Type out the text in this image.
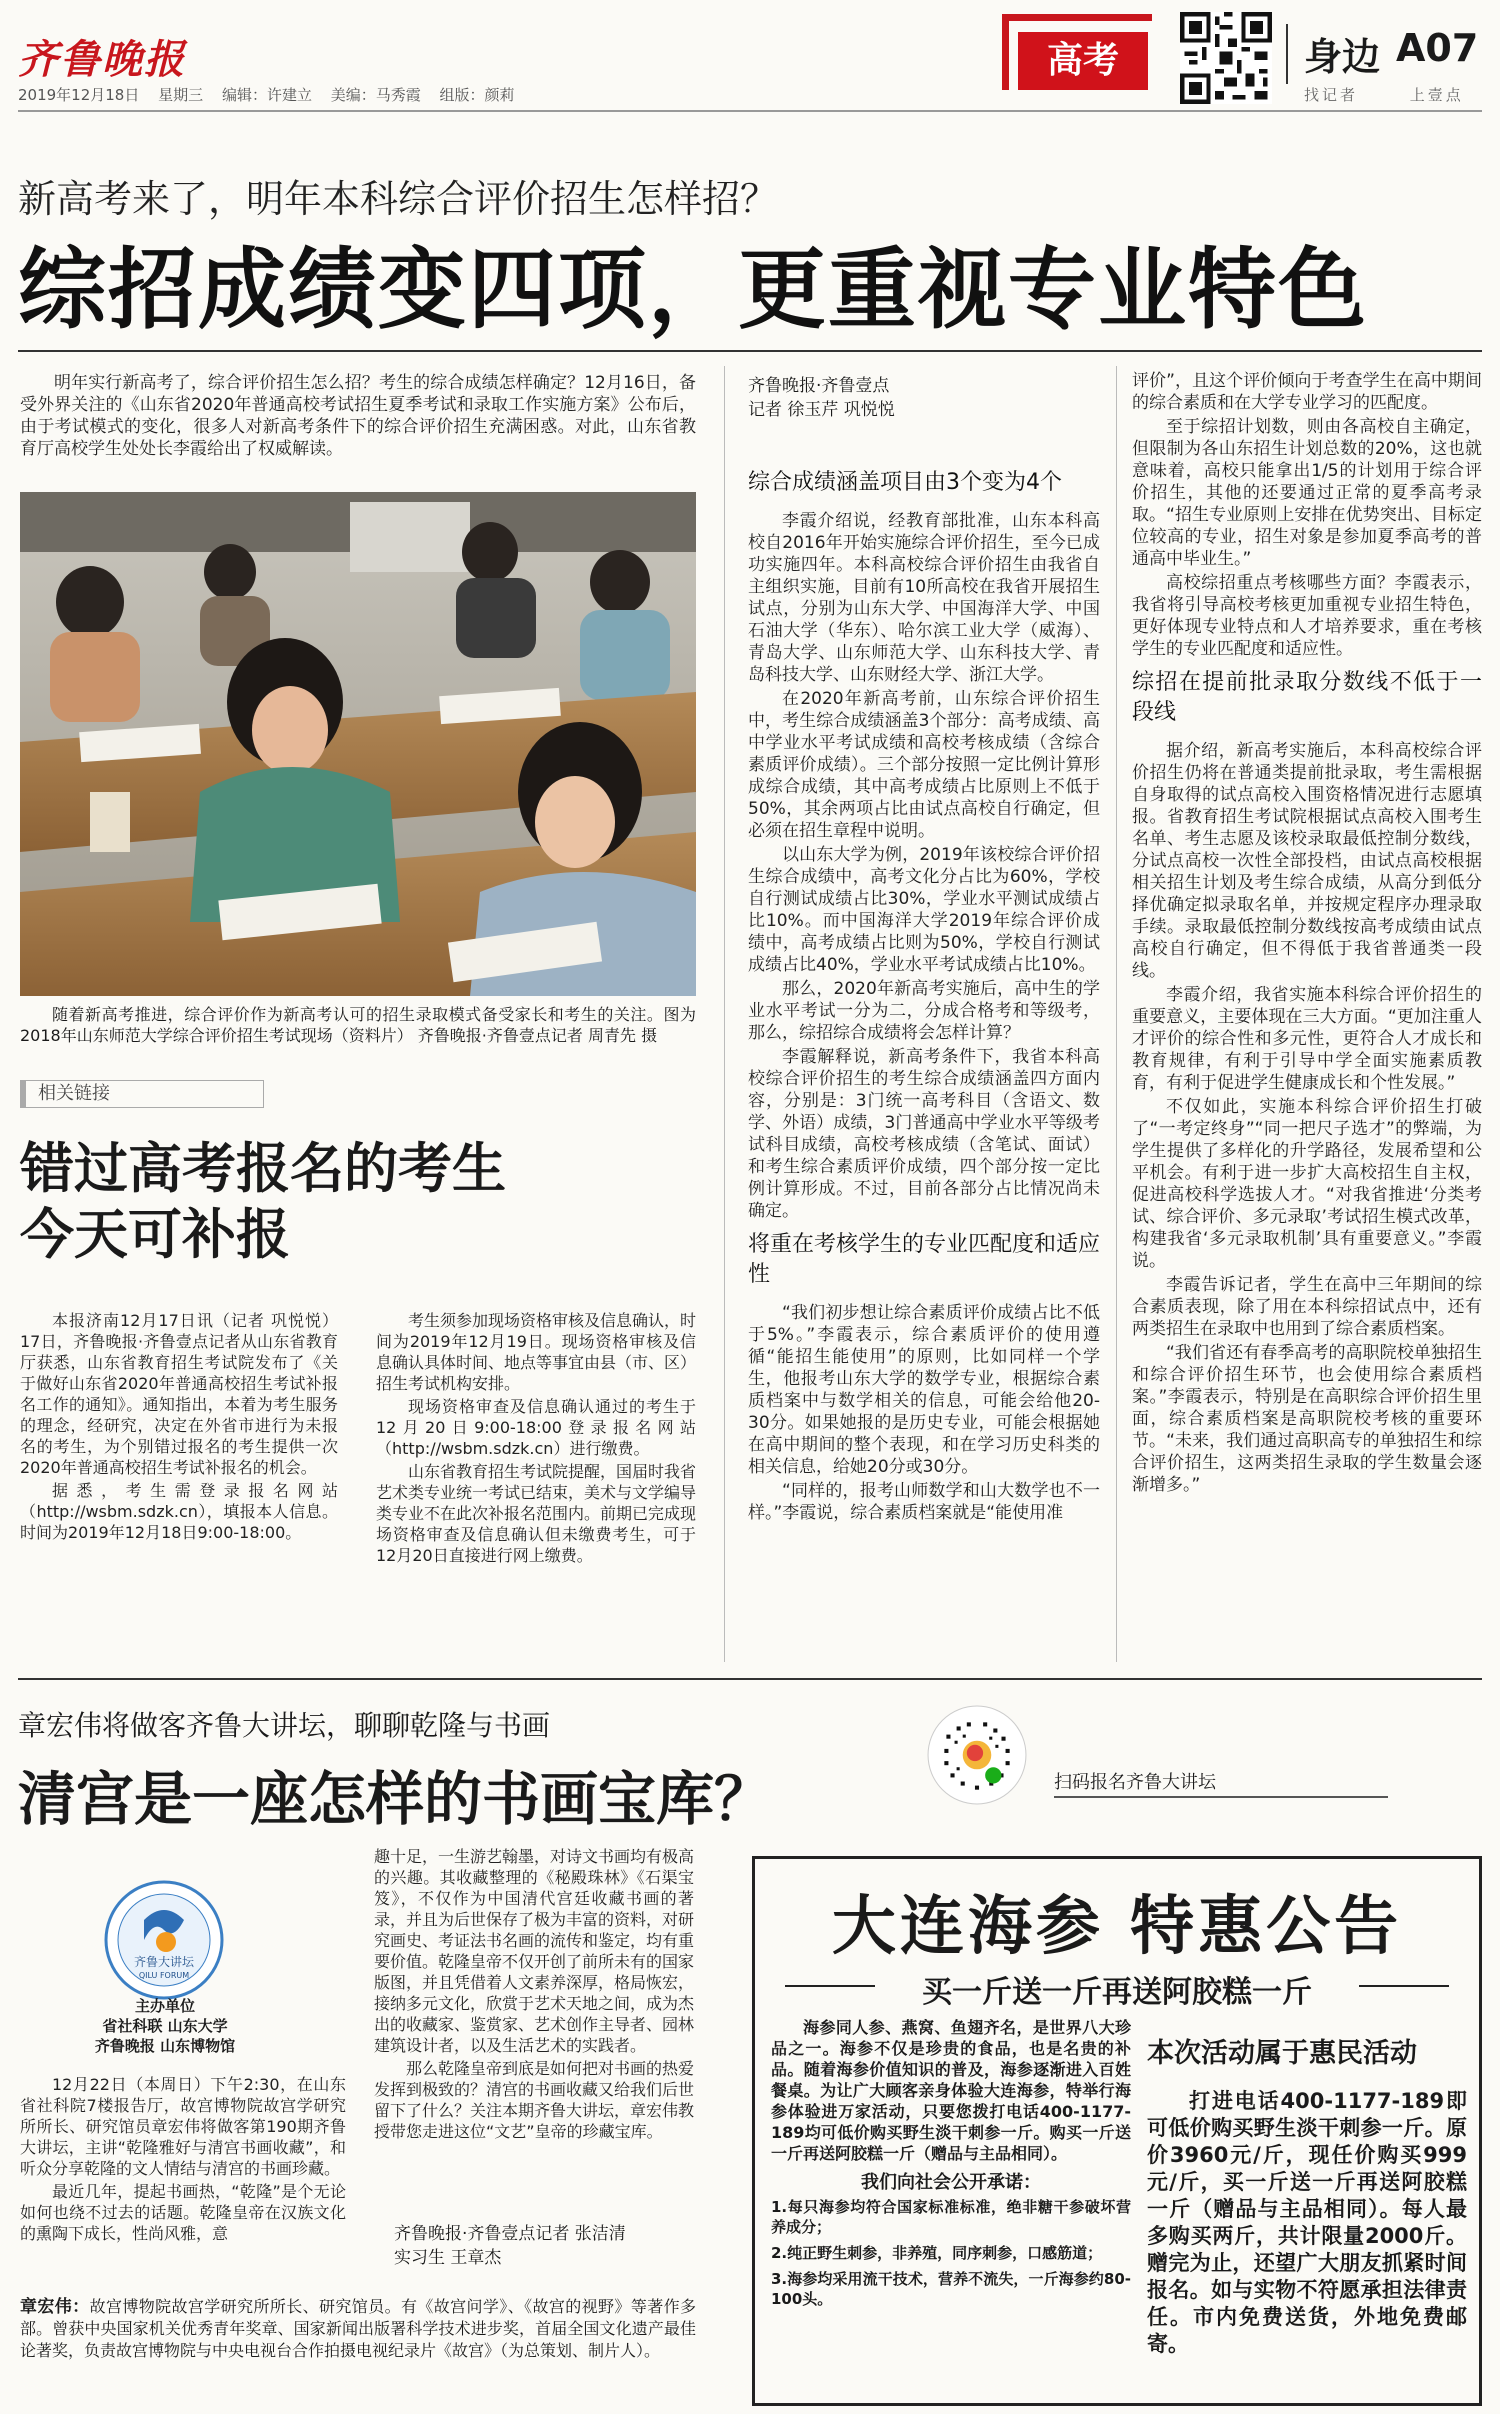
齐鲁晚报
2019年12月18日 星期三 编辑：许建立 美编：马秀霞 组版：颜莉
高考	身边 A07
找记者	上壹点
新高考来了，明年本科综合评价招生怎样招？
综招成绩变四项，更重视专业特色

明年实行新高考了，综合评价招生怎么招？考生的综合成绩怎样确定？12月16日，备受外界关注的《山东省2020年普通高校考试招生夏季考试和录取工作实施方案》公布后，由于考试模式的变化，很多人对新高考条件下的综合评价招生充满困惑。对此，山东省教育厅高校学生处处长李霞给出了权威解读。

随着新高考推进，综合评价作为新高考认可的招生录取模式备受家长和考生的关注。图为2018年山东师范大学综合评价招生考试现场（资料片） 齐鲁晚报·齐鲁壹点记者 周青先 摄

相关链接
错过高考报名的考生
今天可补报

本报济南12月17日讯（记者 巩悦悦） 17日，齐鲁晚报·齐鲁壹点记者从山东省教育厅获悉，山东省教育招生考试院发布了《关于做好山东省2020年普通高校招生考试补报名工作的通知》。通知指出，本着为考生服务的理念，经研究，决定在外省市进行为未报名的考生，为个别错过报名的考生提供一次2020年普通高校招生考试补报名的机会。

据悉，考生需登录报名网站（http://wsbm.sdzk.cn），填报本人信息。时间为2019年12月18日9:00-18:00。

考生须参加现场资格审核及信息确认，时间为2019年12月19日。现场资格审核及信息确认具体时间、地点等事宜由县（市、区）招生考试机构安排。

现场资格审查及信息确认通过的考生于12月20日9:00-18:00登录报名网站（http://wsbm.sdzk.cn）进行缴费。

山东省教育招生考试院提醒，国届时我省艺术类专业统一考试已结束，美术与文学编导类专业不在此次补报名范围内。前期已完成现场资格审查及信息确认但未缴费考生，可于12月20日直接进行网上缴费。

齐鲁晚报·齐鲁壹点
记者 徐玉芹 巩悦悦
综合成绩涵盖项目由3个变为4个

李霞介绍说，经教育部批准，山东本科高校自2016年开始实施综合评价招生，至今已成功实施四年。本科高校综合评价招生由我省自主组织实施，目前有10所高校在我省开展招生试点，分别为山东大学、中国海洋大学、中国石油大学（华东）、哈尔滨工业大学（威海）、青岛大学、山东师范大学、山东科技大学、青岛科技大学、山东财经大学、浙江大学。

在2020年新高考前，山东综合评价招生中，考生综合成绩涵盖3个部分：高考成绩、高中学业水平考试成绩和高校考核成绩（含综合素质评价成绩）。三个部分按照一定比例计算形成综合成绩，其中高考成绩占比原则上不低于50%，其余两项占比由试点高校自行确定，但必须在招生章程中说明。

以山东大学为例，2019年该校综合评价招生综合成绩中，高考文化分占比为60%，学校自行测试成绩占比30%，学业水平测试成绩占比10%。而中国海洋大学2019年综合评价成绩中，高考成绩占比则为50%，学校自行测试成绩占比40%，学业水平考试成绩占比10%。

那么，2020年新高考实施后，高中生的学业水平考试一分为二，分成合格考和等级考，那么，综招综合成绩将会怎样计算？

李霞解释说，新高考条件下，我省本科高校综合评价招生的考生综合成绩涵盖四方面内容，分别是：3门统一高考科目（含语文、数学、外语）成绩，3门普通高中学业水平等级考试科目成绩，高校考核成绩（含笔试、面试）和考生综合素质评价成绩，四个部分按一定比例计算形成。不过，目前各部分占比情况尚未确定。

将重在考核学生的专业匹配度和适应性

“我们初步想让综合素质评价成绩占比不低于5%。”李霞表示，综合素质评价的使用遵循“能招生能使用”的原则，比如同样一个学生，他报考山东大学的数学专业，根据综合素质档案中与数学相关的信息，可能会给他20-30分。如果她报的是历史专业，可能会根据她在高中期间的整个表现，和在学习历史科类的相关信息，给她20分或30分。

“同样的，报考山师数学和山大数学也不一样。”李霞说，综合素质档案就是“能使用准

评价”，且这个评价倾向于考查学生在高中期间的综合素质和在大学专业学习的匹配度。

至于综招计划数，则由各高校自主确定，但限制为各山东招生计划总数的20%，这也就意味着，高校只能拿出1/5的计划用于综合评价招生，其他的还要通过正常的夏季高考录取。“招生专业原则上安排在优势突出、目标定位较高的专业，招生对象是参加夏季高考的普通高中毕业生。”

高校综招重点考核哪些方面？李霞表示，我省将引导高校考核更加重视专业招生特色，更好体现专业特点和人才培养要求，重在考核学生的专业匹配度和适应性。

综招在提前批录取分数线不低于一段线

据介绍，新高考实施后，本科高校综合评价招生仍将在普通类提前批录取，考生需根据自身取得的试点高校入围资格情况进行志愿填报。省教育招生考试院根据试点高校入围考生名单、考生志愿及该校录取最低控制分数线，分试点高校一次性全部投档，由试点高校根据相关招生计划及考生综合成绩，从高分到低分择优确定拟录取名单，并按规定程序办理录取手续。录取最低控制分数线按高考成绩由试点高校自行确定，但不得低于我省普通类一段线。

李霞介绍，我省实施本科综合评价招生的重要意义，主要体现在三大方面。“更加注重人才评价的综合性和多元性，更符合人才成长和教育规律，有利于引导中学全面实施素质教育，有利于促进学生健康成长和个性发展。”

不仅如此，实施本科综合评价招生打破了“一考定终身”“同一把尺子选才”的弊端，为学生提供了多样化的升学路径，发展希望和公平机会。有利于进一步扩大高校招生自主权，促进高校科学选拔人才。“对我省推进‘分类考试、综合评价、多元录取’考试招生模式改革，构建我省‘多元录取机制’具有重要意义。”李霞说。

李霞告诉记者，学生在高中三年期间的综合素质表现，除了用在本科综招试点中，还有两类招生在录取中也用到了综合素质档案。

“我们省还有春季高考的高职院校单独招生和综合评价招生环节，也会使用综合素质档案。”李霞表示，特别是在高职综合评价招生里面，综合素质档案是高职院校考核的重要环节。“未来，我们通过高职高专的单独招生和综合评价招生，这两类招生录取的学生数量会逐渐增多。”

章宏伟将做客齐鲁大讲坛，聊聊乾隆与书画
清宫是一座怎样的书画宝库？	扫码报名齐鲁大讲坛
齐鲁大讲坛
QILU FORUM
主办单位
省社科联 山东大学
齐鲁晚报 山东博物馆

12月22日（本周日）下午2:30，在山东省社科院7楼报告厅，故宫博物院故宫学研究所所长、研究馆员章宏伟将做客第190期齐鲁大讲坛，主讲“乾隆雅好与清宫书画收藏”，和听众分享乾隆的文人情结与清宫的书画珍藏。

最近几年，提起书画热，“乾隆”是个无论如何也绕不过去的话题。乾隆皇帝在汉族文化的熏陶下成长，性尚风雅，意

趣十足，一生游艺翰墨，对诗文书画均有极高的兴趣。其收藏整理的《秘殿珠林》《石渠宝笈》，不仅作为中国清代宫廷收藏书画的著录，并且为后世保存了极为丰富的资料，对研究画史、考证法书名画的流传和鉴定，均有重要价值。乾隆皇帝不仅开创了前所未有的国家版图，并且凭借着人文素养深厚，格局恢宏，接纳多元文化，欣赏于艺术天地之间，成为杰出的收藏家、鉴赏家、艺术创作主导者、园林建筑设计者，以及生活艺术的实践者。

那么乾隆皇帝到底是如何把对书画的热爱发挥到极致的？清宫的书画收藏又给我们后世留下了什么？关注本期齐鲁大讲坛，章宏伟教授带您走进这位“文艺”皇帝的珍藏宝库。

齐鲁晚报·齐鲁壹点记者 张洁清
实习生 王章杰
章宏伟：故宫博物院故宫学研究所所长、研究馆员。有《故宫问学》、《故宫的视野》等著作多部。曾获中央国家机关优秀青年奖章、国家新闻出版署科学技术进步奖，首届全国文化遗产最佳论著奖，负责故宫博物院与中央电视台合作拍摄电视纪录片《故宫》（为总策划、制片人）。
大连海参 特惠公告
买一斤送一斤再送阿胶糕一斤

海参同人参、燕窝、鱼翅齐名，是世界八大珍品之一。海参不仅是珍贵的食品，也是名贵的补品。随着海参价值知识的普及，海参逐渐进入百姓餐桌。为让广大顾客亲身体验大连海参，特举行海参体验进万家活动，只要您拨打电话400-1177-189均可低价购买野生淡干刺参一斤。购买一斤送一斤再送阿胶糕一斤（赠品与主品相同）。

我们向社会公开承诺：
1.每只海参均符合国家标准标准，绝非糖干参破坏营养成分；
2.纯正野生刺参，非养殖，同序刺参，口感筋道；
3.海参均采用流干技术，营养不流失，一斤海参约80-100头。
本次活动属于惠民活动

打进电话400-1177-189即可低价购买野生淡干刺参一斤。原价3960元/斤，现任价购买999元/斤，买一斤送一斤再送阿胶糕一斤（赠品与主品相同）。每人最多购买两斤，共计限量2000斤。赠完为止，还望广大朋友抓紧时间报名。如与实物不符愿承担法律责任。市内免费送货，外地免费邮寄。
